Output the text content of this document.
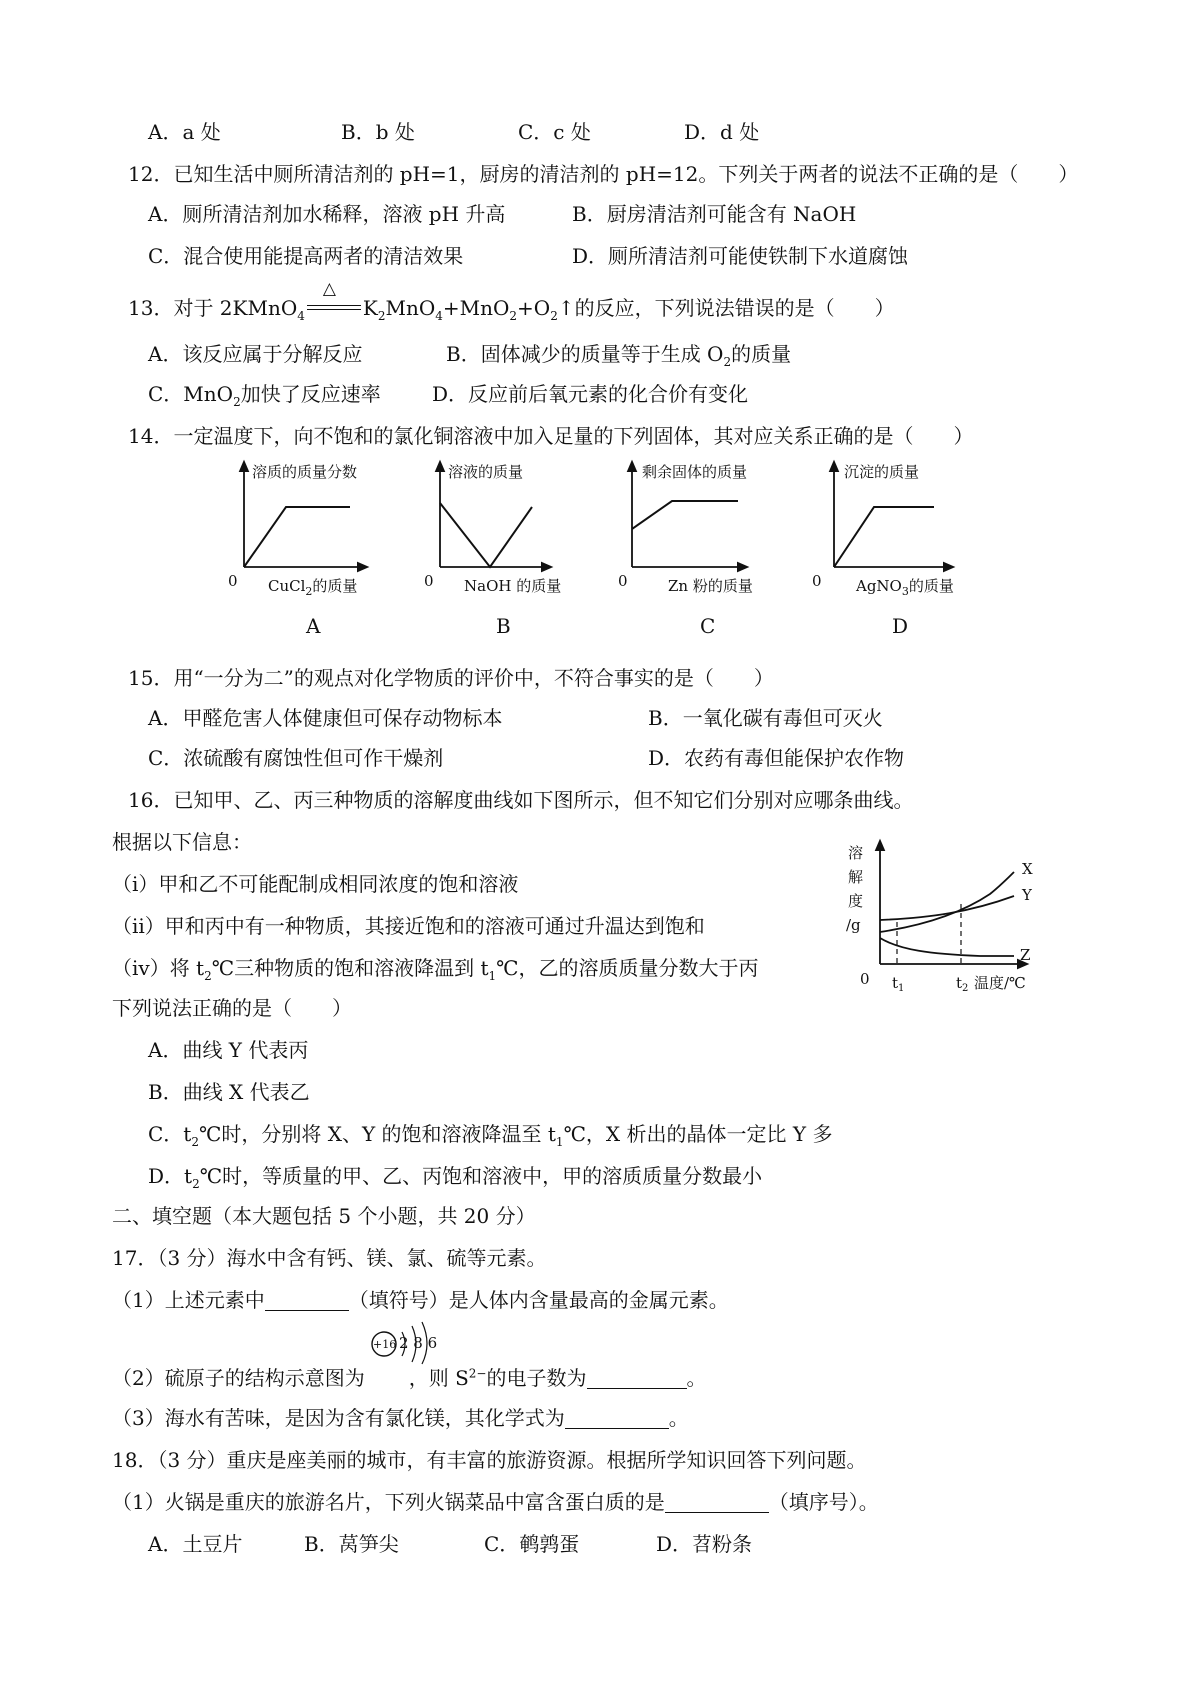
A．a 处	B．b 处	C．c 处	D．d 处
12．已知生活中厕所清洁剂的 pH=1，厨房的清洁剂的 pH=12。下列关于两者的说法不正确的是（　　）
A．厕所清洁剂加水稀释，溶液 pH 升高	B．厨房清洁剂可能含有 NaOH
C．混合使用能提高两者的清洁效果	D．厕所清洁剂可能使铁制下水道腐蚀
13．对于 2KMnO$_4$
△
$K_2MnO_4+MnO_2+O_2↑$的反应，下列说法错误的是（　　）
A．该反应属于分解反应	B．固体减少的质量等于生成 $O_2$的质量
C．MnO$_2$加快了反应速率	D．反应前后氧元素的化合价有变化
14．一定温度下，向不饱和的氯化铜溶液中加入足量的下列固体，其对应关系正确的是（　　）
溶质的质量分数
0 CuCl$_2$的质量
A
溶液的质量
0 NaOH 的质量
B
剩余固体的质量
0	Zn 粉的质量
C
沉淀的质量
0 AgNO$_3$的质量
D
15．用“一分为二”的观点对化学物质的评价中，不符合事实的是（　　）
A．甲醛危害人体健康但可保存动物标本	B．一氧化碳有毒但可灭火
C．浓硫酸有腐蚀性但可作干燥剂	D．农药有毒但能保护农作物
16．已知甲、乙、丙三种物质的溶解度曲线如下图所示，但不知它们分别对应哪条曲线。
根据以下信息：
（ⅰ）甲和乙不可能配制成相同浓度的饱和溶液
（ⅱ）甲和丙中有一种物质，其接近饱和的溶液可通过升温达到饱和
（ⅳ）将 $t_2℃$三种物质的饱和溶液降温到 $t_1℃$，乙的溶质质量分数大于丙
下列说法正确的是（　　）
A．曲线 Y 代表丙
B．曲线 X 代表乙
C．$t_2℃$时，分别将 X、Y 的饱和溶液降温至 $t_1℃$，X 析出的晶体一定比 Y 多
D．$t_2℃$时，等质量的甲、乙、丙饱和溶液中，甲的溶质质量分数最小
溶
解
度
/g
X
Y
Z
0 $t_1$	$t_2$ 温度/℃
二、填空题（本大题包括 5 个小题，共 20 分）
17．（3 分）海水中含有钙、镁、氯、硫等元素。
（1）上述元素中	（填符号）是人体内含量最高的金属元素。
（2）硫原子的结构示意图为 ，则 $S^{2-}$的电子数为	。
+16 2 8 6
（3）海水有苦味，是因为含有氯化镁，其化学式为	。
18．（3 分）重庆是座美丽的城市，有丰富的旅游资源。根据所学知识回答下列问题。
（1）火锅是重庆的旅游名片，下列火锅菜品中富含蛋白质的是	（填序号）。
A．土豆片	B．莴笋尖	C．鹌鹑蛋	D．苕粉条
